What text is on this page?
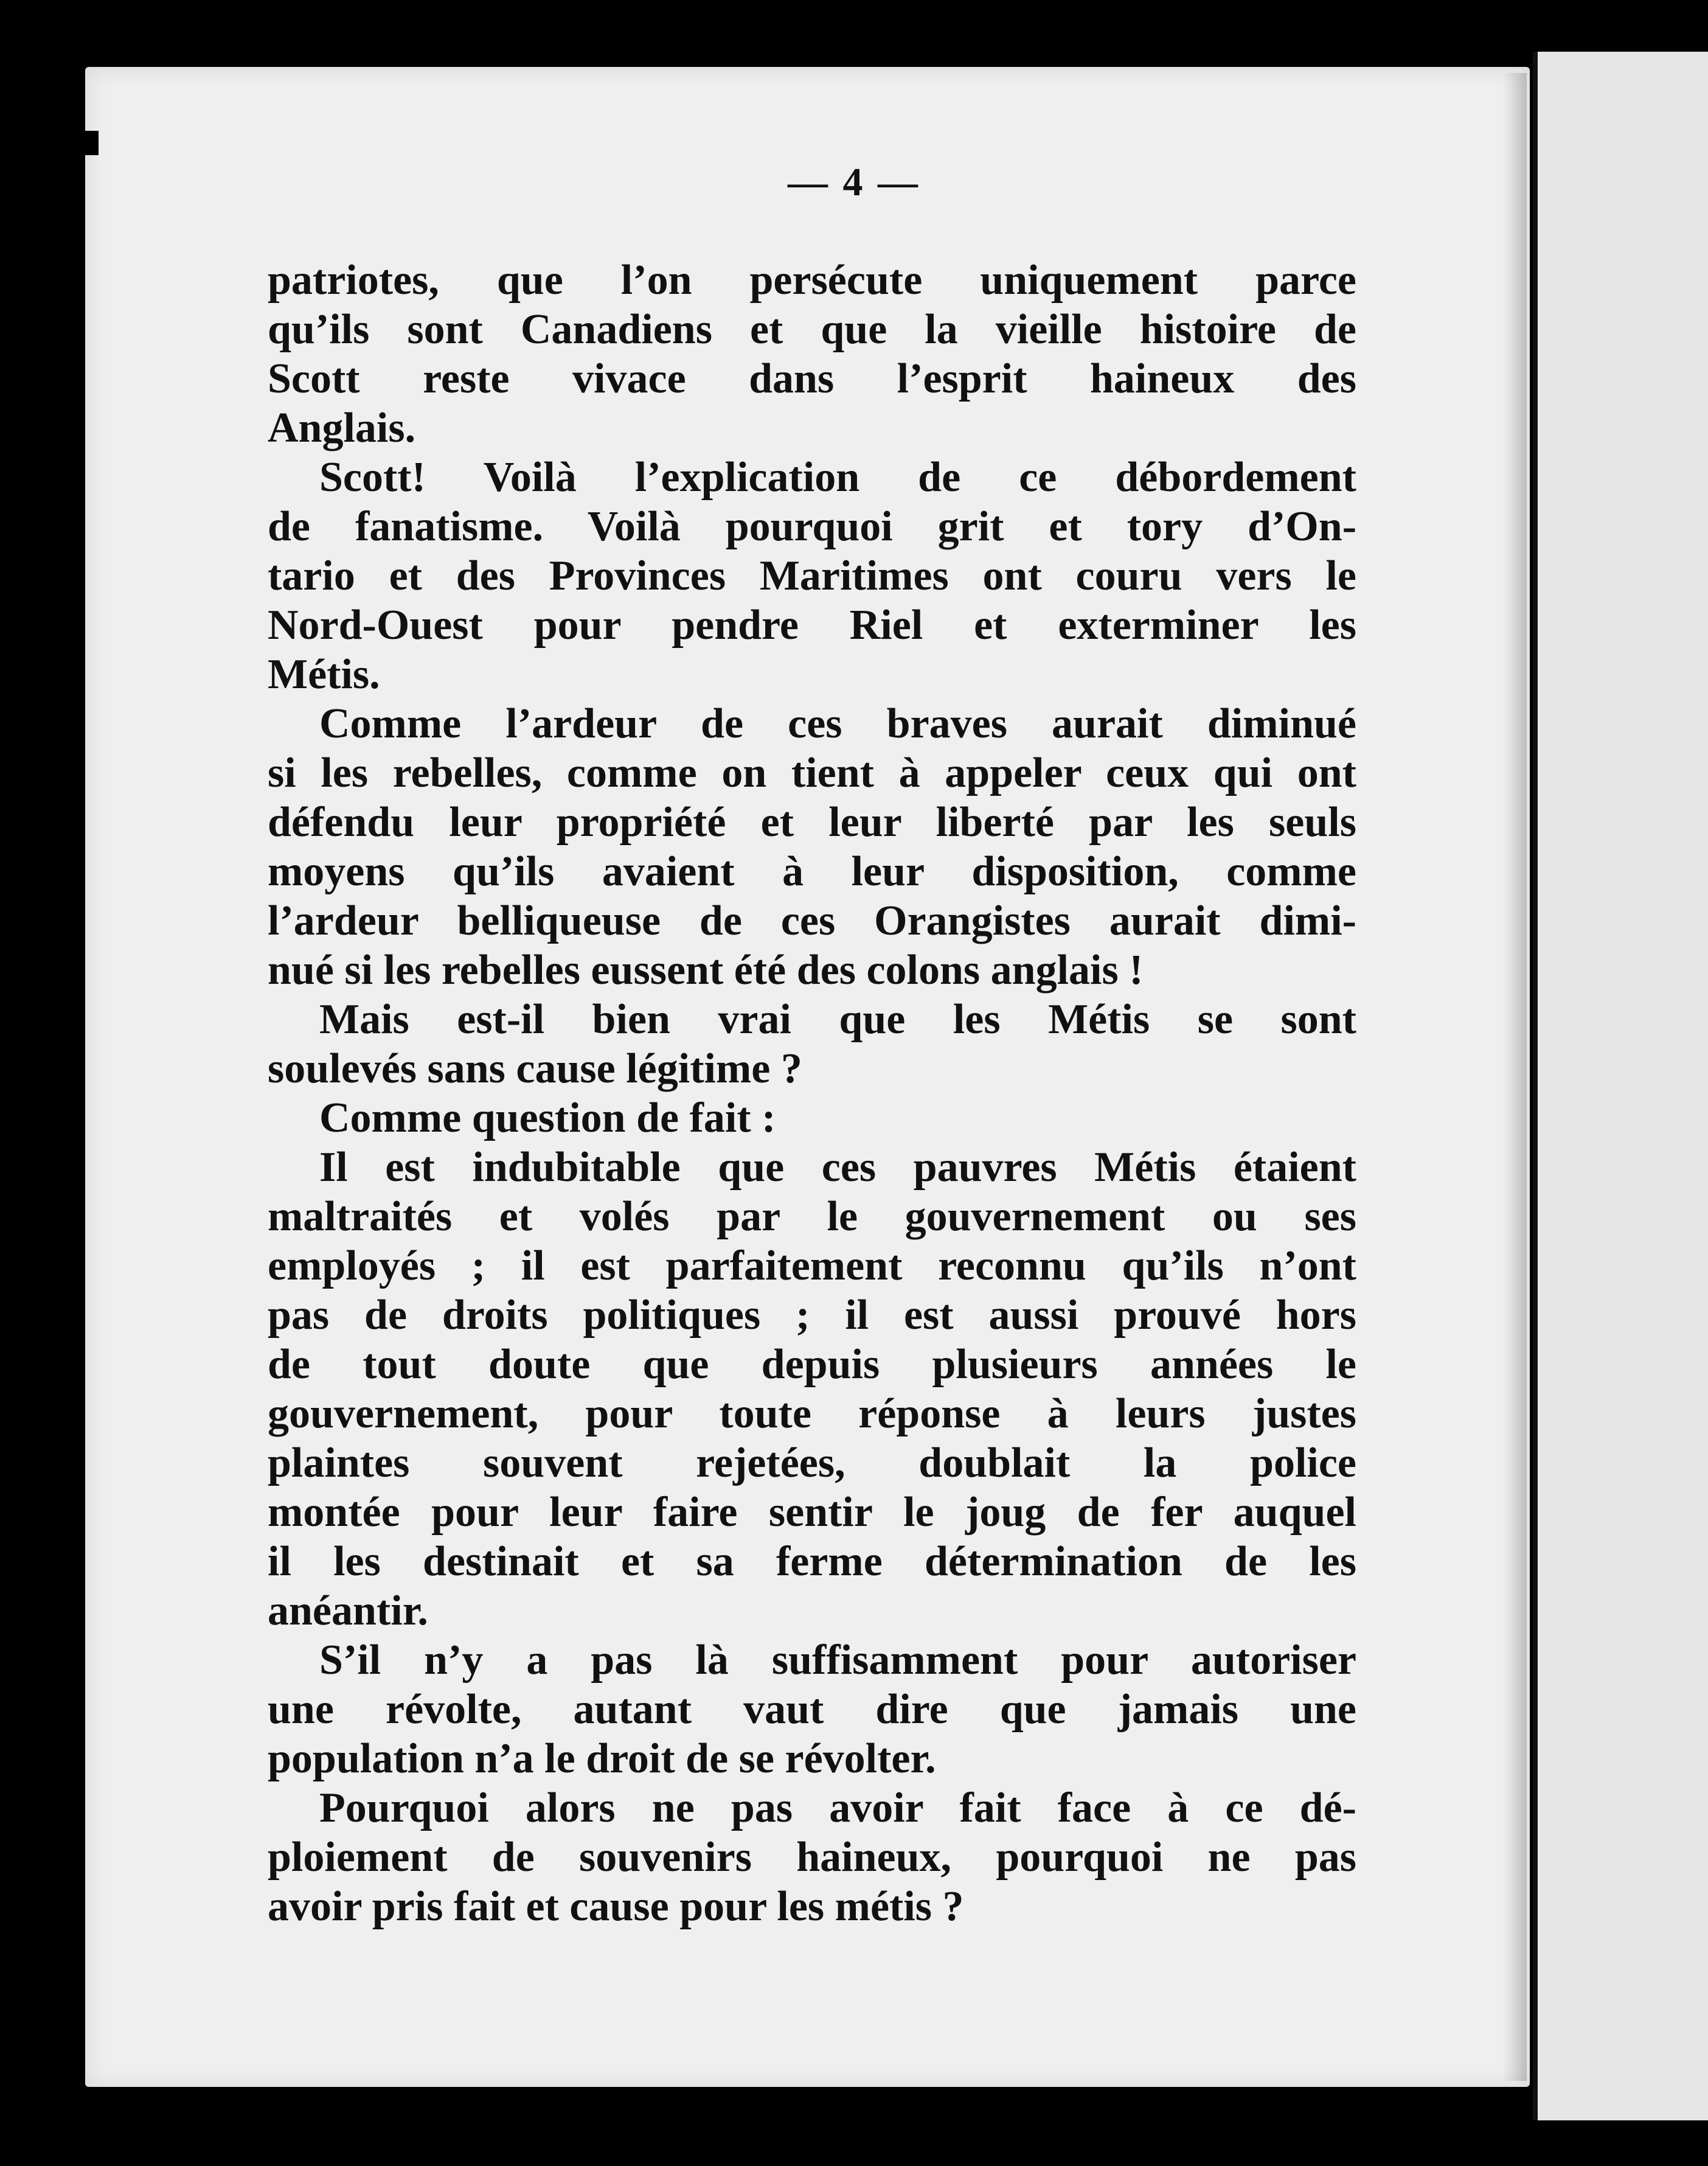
— 4 —
patriotes, que l’on persécute uniquement parce
qu’ils sont Canadiens et que la vieille histoire de
Scott reste vivace dans l’esprit haineux des
Anglais.
Scott! Voilà l’explication de ce débordement
de fanatisme. Voilà pourquoi grit et tory d’On-
tario et des Provinces Maritimes ont couru vers le
Nord-Ouest pour pendre Riel et exterminer les
Métis.
Comme l’ardeur de ces braves aurait diminué
si les rebelles, comme on tient à appeler ceux qui ont
défendu leur propriété et leur liberté par les seuls
moyens qu’ils avaient à leur disposition, comme
l’ardeur belliqueuse de ces Orangistes aurait dimi-
nué si les rebelles eussent été des colons anglais !
Mais est-il bien vrai que les Métis se sont
soulevés sans cause légitime ?
Comme question de fait :
Il est indubitable que ces pauvres Métis étaient
maltraités et volés par le gouvernement ou ses
employés ; il est parfaitement reconnu qu’ils n’ont
pas de droits politiques ; il est aussi prouvé hors
de tout doute que depuis plusieurs années le
gouvernement, pour toute réponse à leurs justes
plaintes souvent rejetées, doublait la police
montée pour leur faire sentir le joug de fer auquel
il les destinait et sa ferme détermination de les
anéantir.
S’il n’y a pas là suffisamment pour autoriser
une révolte, autant vaut dire que jamais une
population n’a le droit de se révolter.
Pourquoi alors ne pas avoir fait face à ce dé-
ploiement de souvenirs haineux, pourquoi ne pas
avoir pris fait et cause pour les métis ?
